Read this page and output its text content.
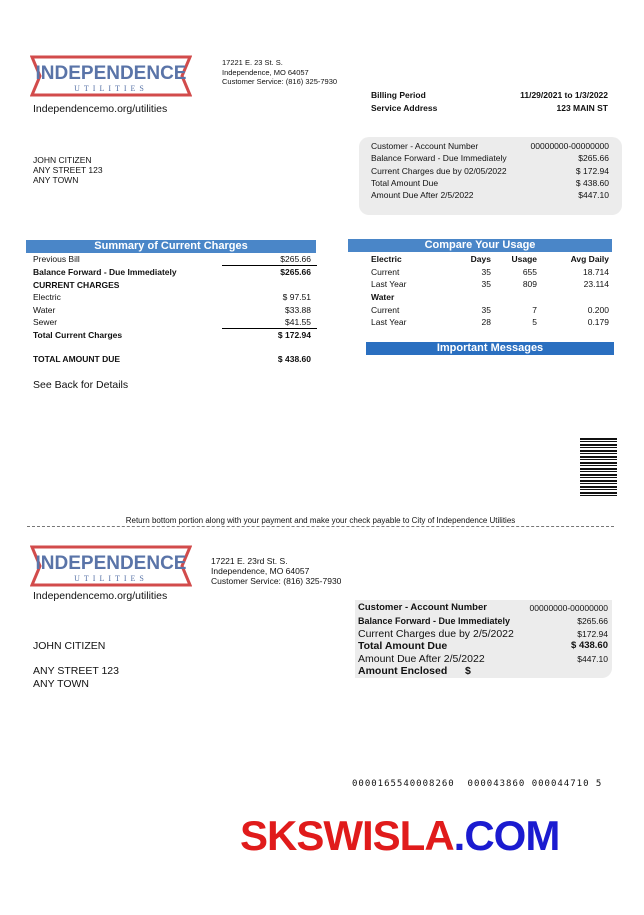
INDEPENDENCE
UTILITIES
17221 E. 23 St. S.
Independence, MO 64057
Customer Service: (816) 325-7930
Independencemo.org/utilities
Billing Period	11/29/2021 to 1/3/2022
Service Address	123 MAIN ST
JOHN CITIZEN
ANY STREET 123
ANY TOWN
Customer - Account Number	00000000-00000000
Balance Forward - Due Immediately	$265.66
Current Charges due by 02/05/2022	$ 172.94
Total Amount Due	$ 438.60
Amount Due After 2/5/2022	$447.10
Summary of Current Charges
Previous Bill	$265.66
Balance Forward - Due Immediately	$265.66
CURRENT CHARGES
Electric	$ 97.51
Water	$33.88
Sewer	$41.55
Total Current Charges	$ 172.94
TOTAL AMOUNT DUE	$ 438.60
See Back for Details
Compare Your Usage
Electric	Days Usage	Avg Daily
Current	35	655	18.714
Last Year	35	809	23.114
Water
Current	35	7	0.200
Last Year	28	5	0.179
Important Messages
Return bottom portion along with your payment and make your check payable to City of Independence Utilities
INDEPENDENCE
UTILITIES
17221 E. 23rd St. S.
Independence, MO 64057
Customer Service: (816) 325-7930
Independencemo.org/utilities
JOHN CITIZEN
ANY STREET 123
ANY TOWN
Customer - Account Number	00000000-00000000
Balance Forward - Due Immediately	$265.66
Current Charges due by 2/5/2022	$172.94
Total Amount Due	$ 438.60
Amount Due After 2/5/2022	$447.10
Amount Enclosed $
0000165540008260  000043860 000044710 5
SKSWISLA.COM
